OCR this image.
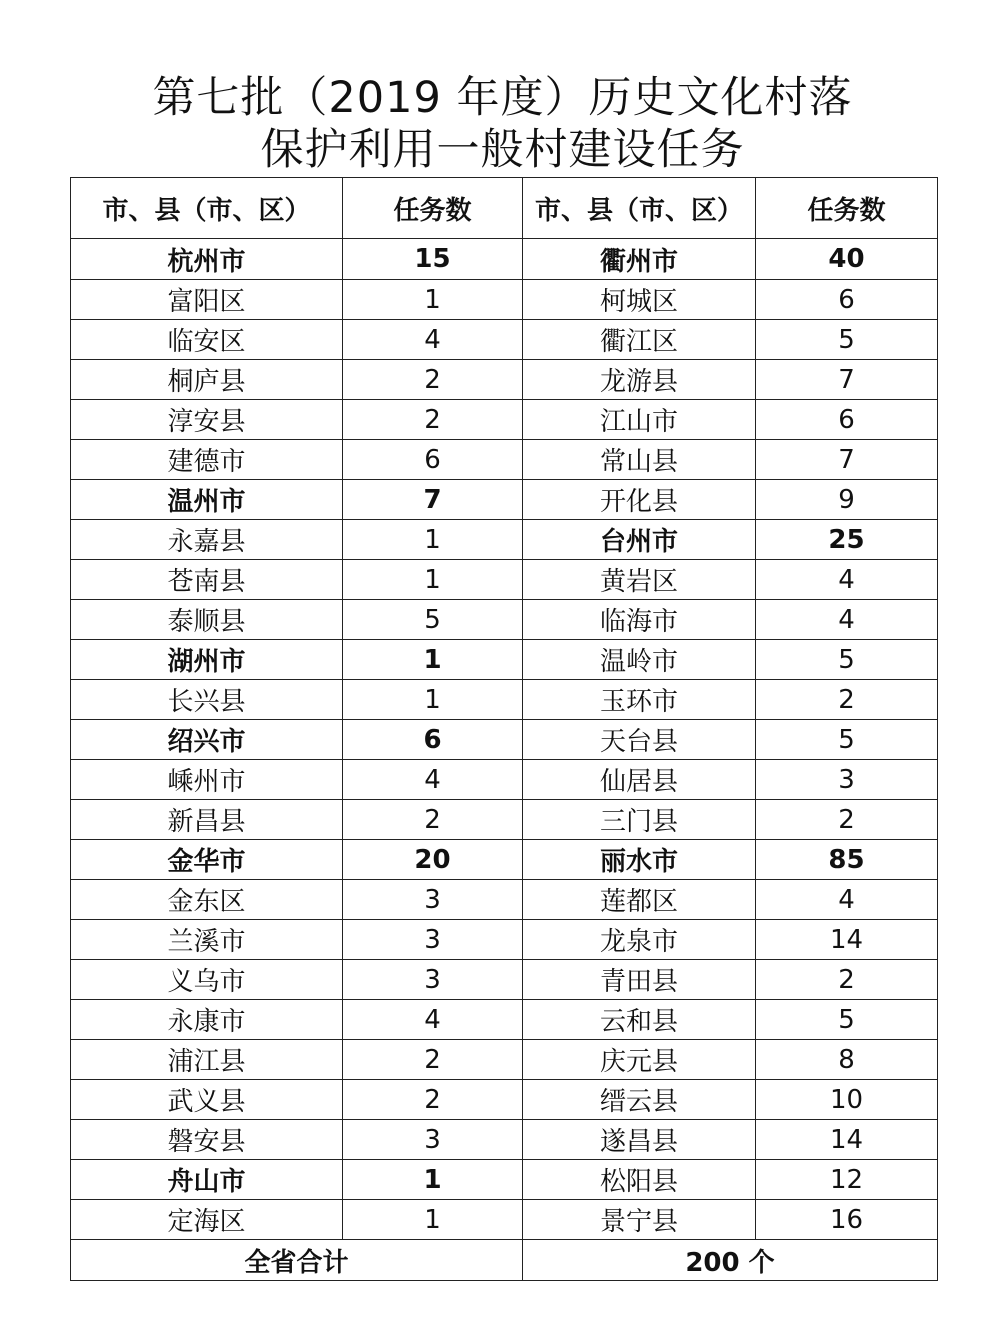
第七批（2019 年度）历史文化村落
保护利用一般村建设任务
市、县（市、区）	任务数	市、县（市、区）	任务数
杭州市	15	衢州市	40
富阳区	1	柯城区	6
临安区	4	衢江区	5
桐庐县	2	龙游县	7
淳安县	2	江山市	6
建德市	6	常山县	7
温州市	7	开化县	9
永嘉县	1	台州市	25
苍南县	1	黄岩区	4
泰顺县	5	临海市	4
湖州市	1	温岭市	5
长兴县	1	玉环市	2
绍兴市	6	天台县	5
嵊州市	4	仙居县	3
新昌县	2	三门县	2
金华市	20	丽水市	85
金东区	3	莲都区	4
兰溪市	3	龙泉市	14
义乌市	3	青田县	2
永康市	4	云和县	5
浦江县	2	庆元县	8
武义县	2	缙云县	10
磐安县	3	遂昌县	14
舟山市	1	松阳县	12
定海区	1	景宁县	16
全省合计		200 个	
